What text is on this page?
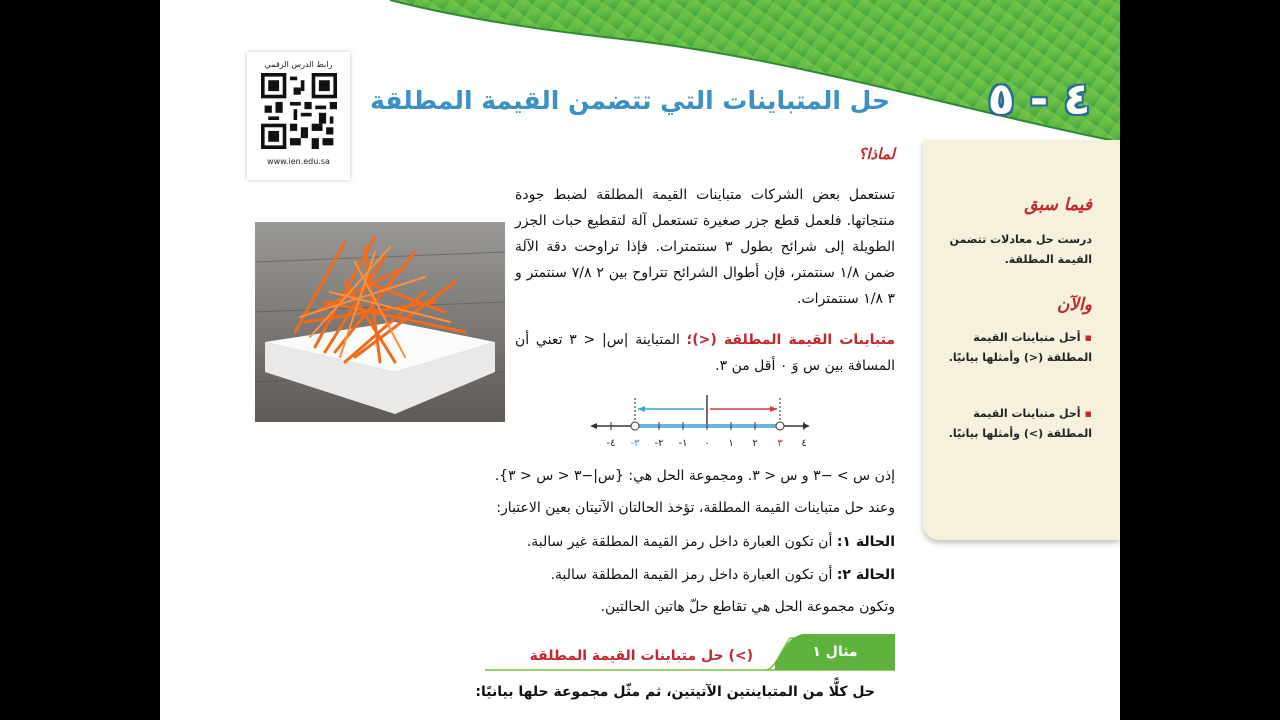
٤ - ٥
حل المتباينات التي تتضمن القيمة المطلقة
رابط الدرس الرقمي
www.ien.edu.sa
فيما سبق
درست حل معادلات تتضمن القيمة المطلقة.
والآن
▪أحل متباينات القيمة المطلقة (<) وأمثلها بيانيًا.
▪أحل متباينات القيمة المطلقة (>) وأمثلها بيانيًا.
لماذا؟
تستعمل بعض الشركات متباينات القيمة المطلقة لضبط جودة منتجاتها. فلعمل قطع جزر صغيرة تستعمل آلة لتقطيع حبات الجزر الطويلة إلى شرائح بطول ٣ سنتمترات. فإذا تراوحت دقة الآلة ضمن ١/٨ سنتمتر، فإن أطوال الشرائح تتراوح بين ٢ ٧/٨ سنتمتر و ٣ ١/٨ سنتمترات.
متباينات القيمة المطلقة (<)؛ المتباينة |س| < ٣ تعني أن المسافة بين س وَ ٠ أقل من ٣.
-٤ -٣ -٢ -١ ٠ ١ ٢ ٣ ٤
إذن س > −٣ و س < ٣. ومجموعة الحل هي: {س|−٣ < س < ٣}.
وعند حل متباينات القيمة المطلقة، تؤخذ الحالتان الآتيتان بعين الاعتبار:
الحالة ١: أن تكون العبارة داخل رمز القيمة المطلقة غير سالبة.
الحالة ٢: أن تكون العبارة داخل رمز القيمة المطلقة سالبة.
وتكون مجموعة الحل هي تقاطع حلّ هاتين الحالتين.
مثال ١
حل متباينات القيمة المطلقة (<)
حل كلًّا من المتباينتين الآتيتين، ثم مثّل مجموعة حلها بيانيًا:
